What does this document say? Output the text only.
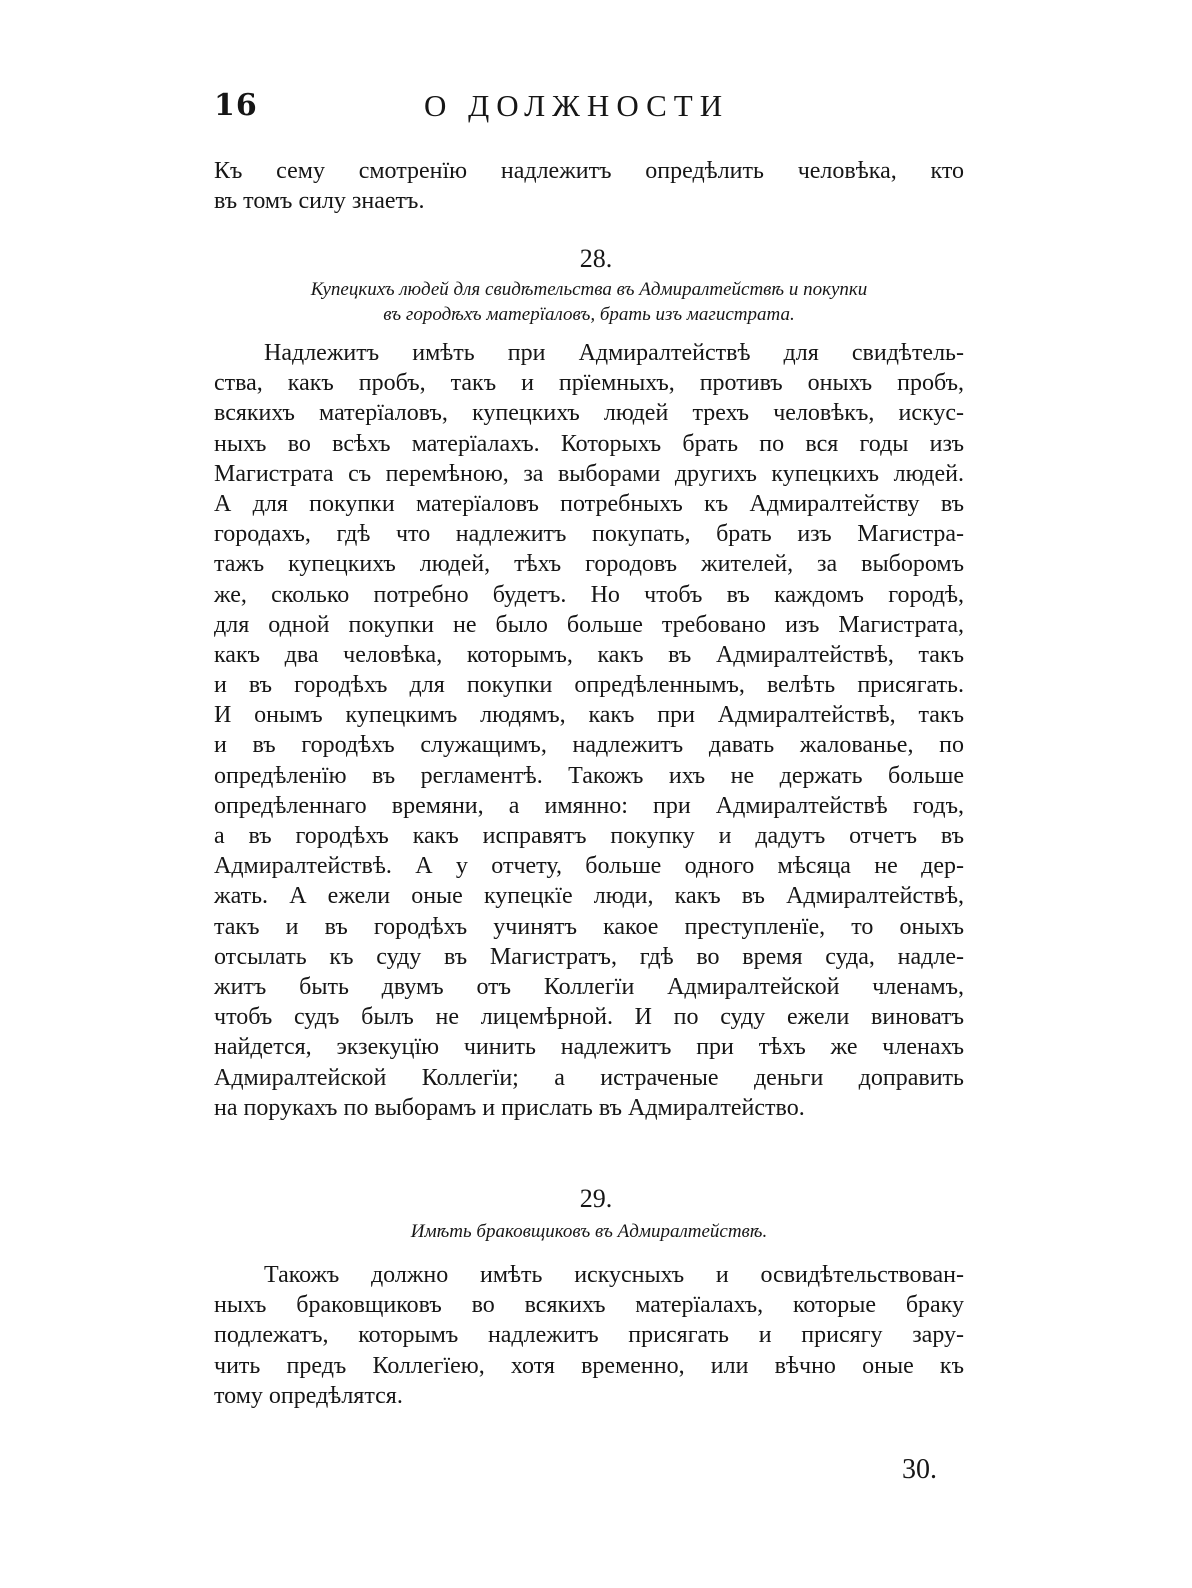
16	О ДОЛЖНОСТИ
Къ сему смотренїю надлежитъ опредѣлить человѣка, кто
въ томъ силу знаетъ.
28.
Купецкихъ людей для свидѣтельства въ Адмиралтействѣ и покупки
въ городѣхъ матерїаловъ, брать изъ магистрата.
Надлежитъ имѣть при Адмиралтействѣ для свидѣтель-
ства, какъ пробъ, такъ и прїемныхъ, противъ оныхъ пробъ,
всякихъ матерїаловъ, купецкихъ людей трехъ человѣкъ, искус-
ныхъ во всѣхъ матерїалахъ. Которыхъ брать по вся годы изъ
Магистрата съ перемѣною, за выборами другихъ купецкихъ людей.
А для покупки матерїаловъ потребныхъ къ Адмиралтейству въ
городахъ, гдѣ что надлежитъ покупать, брать изъ Магистра-
тажъ купецкихъ людей, тѣхъ городовъ жителей, за выборомъ
же, сколько потребно будетъ. Но чтобъ въ каждомъ городѣ,
для одной покупки не было больше требовано изъ Магистрата,
какъ два человѣка, которымъ, какъ въ Адмиралтействѣ, такъ
и въ городѣхъ для покупки опредѣленнымъ, велѣть присягать.
И онымъ купецкимъ людямъ, какъ при Адмиралтействѣ, такъ
и въ городѣхъ служащимъ, надлежитъ давать жалованье, по
опредѣленїю въ регламентѣ. Такожъ ихъ не держать больше
опредѣленнаго времяни, а имянно: при Адмиралтействѣ годъ,
а въ городѣхъ какъ исправятъ покупку и дадутъ отчетъ въ
Адмиралтействѣ. А у отчету, больше одного мѣсяца не дер-
жать. А ежели оные купецкїе люди, какъ въ Адмиралтействѣ,
такъ и въ городѣхъ учинятъ какое преступленїе, то оныхъ
отсылать къ суду въ Магистратъ, гдѣ во время суда, надле-
житъ быть двумъ отъ Коллегїи Адмиралтейской членамъ,
чтобъ судъ былъ не лицемѣрной. И по суду ежели виноватъ
найдется, экзекуцїю чинить надлежитъ при тѣхъ же членахъ
Адмиралтейской Коллегїи; а истраченые деньги доправить
на порукахъ по выборамъ и прислать въ Адмиралтейство.
29.
Имѣть браковщиковъ въ Адмиралтействѣ.
Такожъ должно имѣть искусныхъ и освидѣтельствован-
ныхъ браковщиковъ во всякихъ матерїалахъ, которые браку
подлежатъ, которымъ надлежитъ присягать и присягу зару-
чить предъ Коллегїею, хотя временно, или вѣчно оные къ
тому опредѣлятся.
30.
